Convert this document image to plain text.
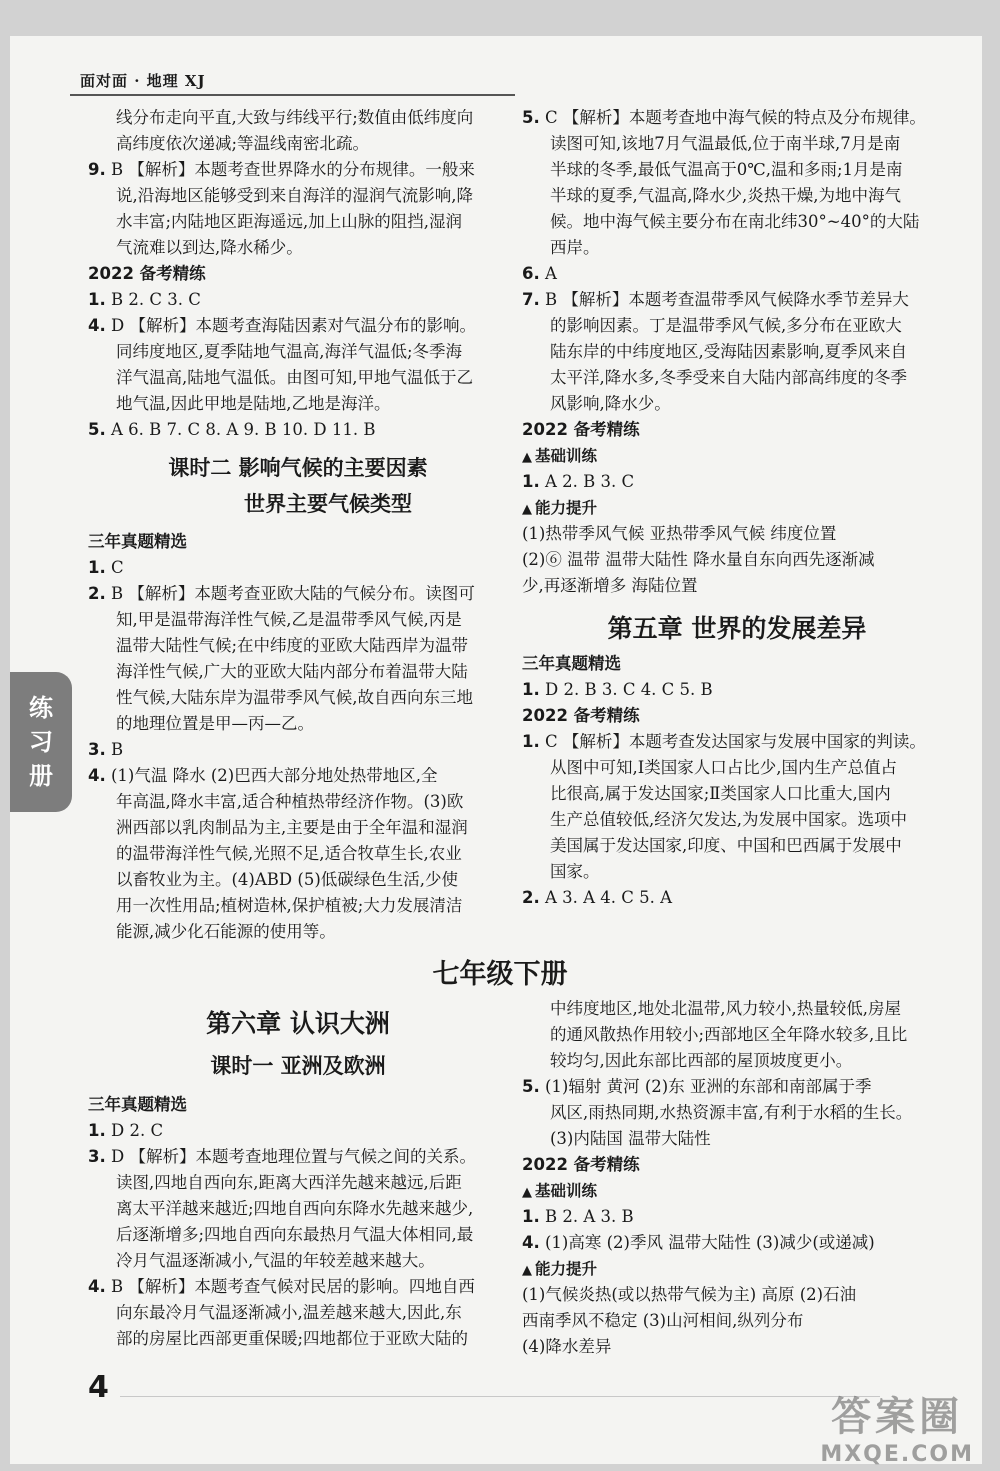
面对面 · 地理 XJ
练
习
册
线分布走向平直,大致与纬线平行;数值由低纬度向
高纬度依次递减;等温线南密北疏。
9. B 【解析】本题考查世界降水的分布规律。一般来
说,沿海地区能够受到来自海洋的湿润气流影响,降
水丰富;内陆地区距海遥远,加上山脉的阻挡,湿润
气流难以到达,降水稀少。
2022 备考精练
1. B 2. C 3. C
4. D 【解析】本题考查海陆因素对气温分布的影响。
同纬度地区,夏季陆地气温高,海洋气温低;冬季海
洋气温高,陆地气温低。由图可知,甲地气温低于乙
地气温,因此甲地是陆地,乙地是海洋。
5. A 6. B 7. C 8. A 9. B 10. D 11. B
课时二 影响气候的主要因素
世界主要气候类型
三年真题精选
1. C
2. B 【解析】本题考查亚欧大陆的气候分布。读图可
知,甲是温带海洋性气候,乙是温带季风气候,丙是
温带大陆性气候;在中纬度的亚欧大陆西岸为温带
海洋性气候,广大的亚欧大陆内部分布着温带大陆
性气候,大陆东岸为温带季风气候,故自西向东三地
的地理位置是甲—丙—乙。
3. B
4. (1)气温 降水 (2)巴西大部分地处热带地区,全
年高温,降水丰富,适合种植热带经济作物。(3)欧
洲西部以乳肉制品为主,主要是由于全年温和湿润
的温带海洋性气候,光照不足,适合牧草生长,农业
以畜牧业为主。(4)ABD (5)低碳绿色生活,少使
用一次性用品;植树造林,保护植被;大力发展清洁
能源,减少化石能源的使用等。
5. C 【解析】本题考查地中海气候的特点及分布规律。
读图可知,该地7月气温最低,位于南半球,7月是南
半球的冬季,最低气温高于0℃,温和多雨;1月是南
半球的夏季,气温高,降水少,炎热干燥,为地中海气
候。地中海气候主要分布在南北纬30°~40°的大陆
西岸。
6. A
7. B 【解析】本题考查温带季风气候降水季节差异大
的影响因素。丁是温带季风气候,多分布在亚欧大
陆东岸的中纬度地区,受海陆因素影响,夏季风来自
太平洋,降水多,冬季受来自大陆内部高纬度的冬季
风影响,降水少。
2022 备考精练
▲ 基础训练
1. A 2. B 3. C
▲ 能力提升
(1)热带季风气候 亚热带季风气候 纬度位置
(2)⑥ 温带 温带大陆性 降水量自东向西先逐渐减
少,再逐渐增多 海陆位置
第五章 世界的发展差异
三年真题精选
1. D 2. B 3. C 4. C 5. B
2022 备考精练
1. C 【解析】本题考查发达国家与发展中国家的判读。
从图中可知,Ⅰ类国家人口占比少,国内生产总值占
比很高,属于发达国家;Ⅱ类国家人口比重大,国内
生产总值较低,经济欠发达,为发展中国家。选项中
美国属于发达国家,印度、中国和巴西属于发展中
国家。
2. A 3. A 4. C 5. A
七年级下册
第六章 认识大洲
课时一 亚洲及欧洲
三年真题精选
1. D 2. C
3. D 【解析】本题考查地理位置与气候之间的关系。
读图,四地自西向东,距离大西洋先越来越远,后距
离太平洋越来越近;四地自西向东降水先越来越少,
后逐渐增多;四地自西向东最热月气温大体相同,最
冷月气温逐渐减小,气温的年较差越来越大。
4. B 【解析】本题考查气候对民居的影响。四地自西
向东最冷月气温逐渐减小,温差越来越大,因此,东
部的房屋比西部更重保暖;四地都位于亚欧大陆的
中纬度地区,地处北温带,风力较小,热量较低,房屋
的通风散热作用较小;西部地区全年降水较多,且比
较均匀,因此东部比西部的屋顶坡度更小。
5. (1)辐射 黄河 (2)东 亚洲的东部和南部属于季
风区,雨热同期,水热资源丰富,有利于水稻的生长。
(3)内陆国 温带大陆性
2022 备考精练
▲ 基础训练
1. B 2. A 3. B
4. (1)高寒 (2)季风 温带大陆性 (3)减少(或递减)
▲ 能力提升
(1)气候炎热(或以热带气候为主) 高原 (2)石油
西南季风不稳定 (3)山河相间,纵列分布
(4)降水差异
4
答案圈
MXQE.COM
